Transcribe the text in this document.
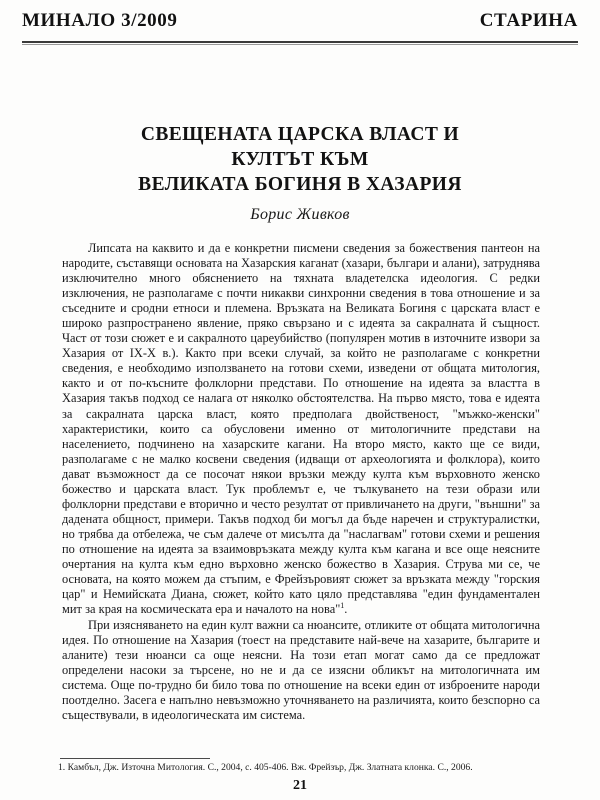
МИНАЛО 3/2009	СТАРИНА
СВЕЩЕНАТА ЦАРСКА ВЛАСТ И
КУЛТЪТ КЪМ
ВЕЛИКАТА БОГИНЯ В ХАЗАРИЯ
Борис Живков

Липсата на каквито и да е конкретни писмени сведения за божествения пантеон на народите, съставящи основата на Хазарския каганат (хазари, българи и алани), затруднява изключително много обяснението на тяхната владетелска идеология. С редки изключения, не разполагаме с почти никакви синхронни сведения в това отношение и за съседните и сродни етноси и племена. Връзката на Великата Богиня с царската власт е широко разпространено явление, пряко свързано и с идеята за сакралната й същност. Част от този сюжет е и сакралното цареубийство (популярен мотив в източните извори за Хазария от IX-X в.). Както при всеки случай, за който не разполагаме с конкретни сведения, е необходимо използването на готови схеми, изведени от общата митология, както и от по-късните фолклорни представи. По отношение на идеята за властта в Хазария такъв подход се налага от няколко обстоятелства. На първо място, това е идеята за сакралната царска власт, която предполага двойственост, "мъжко-женски" характеристики, които са обусловени именно от митологичните представи на населението, подчинено на хазарските кагани. На второ място, както ще се види, разполагаме с не малко косвени сведения (идващи от археологията и фолклора), които дават възможност да се посочат някои връзки между култа към върховното женско божество и царската власт. Тук проблемът е, че тълкуването на тези образи или фолклорни представи е вторично и често резултат от привличането на други, "външни" за дадената общност, примери. Такъв подход би могъл да бъде наречен и структуралистки, но трябва да отбележа, че съм далече от мисълта да "наслагвам" готови схеми и решения по отношение на идеята за взаимовръзката между култа към кагана и все още неясните очертания на култа към едно върховно женско божество в Хазария. Струва ми се, че основата, на която можем да стъпим, е Фрейзъровият сюжет за връзката между "горския цар" и Немийската Диана, сюжет, който като цяло представлява "един фундаментален мит за края на космическата ера и началото на нова"$^1$.

При изясняването на един култ важни са нюансите, отликите от общата митологична идея. По отношение на Хазария (тоест на представите най-вече на хазарите, българите и аланите) тези нюанси са още неясни. На този етап могат само да се предложат определени насоки за търсене, но не и да се изясни обликът на митологичната им система. Още по-трудно би било това по отношение на всеки един от изброените народи поотделно. Засега е напълно невъзможно уточняването на различията, които безспорно са съществували, в идеологическата им система.

1. Камбъл, Дж. Източна Митология. С., 2004, с. 405-406. Вж. Фрейзър, Дж. Златната клонка. С., 2006.
21
